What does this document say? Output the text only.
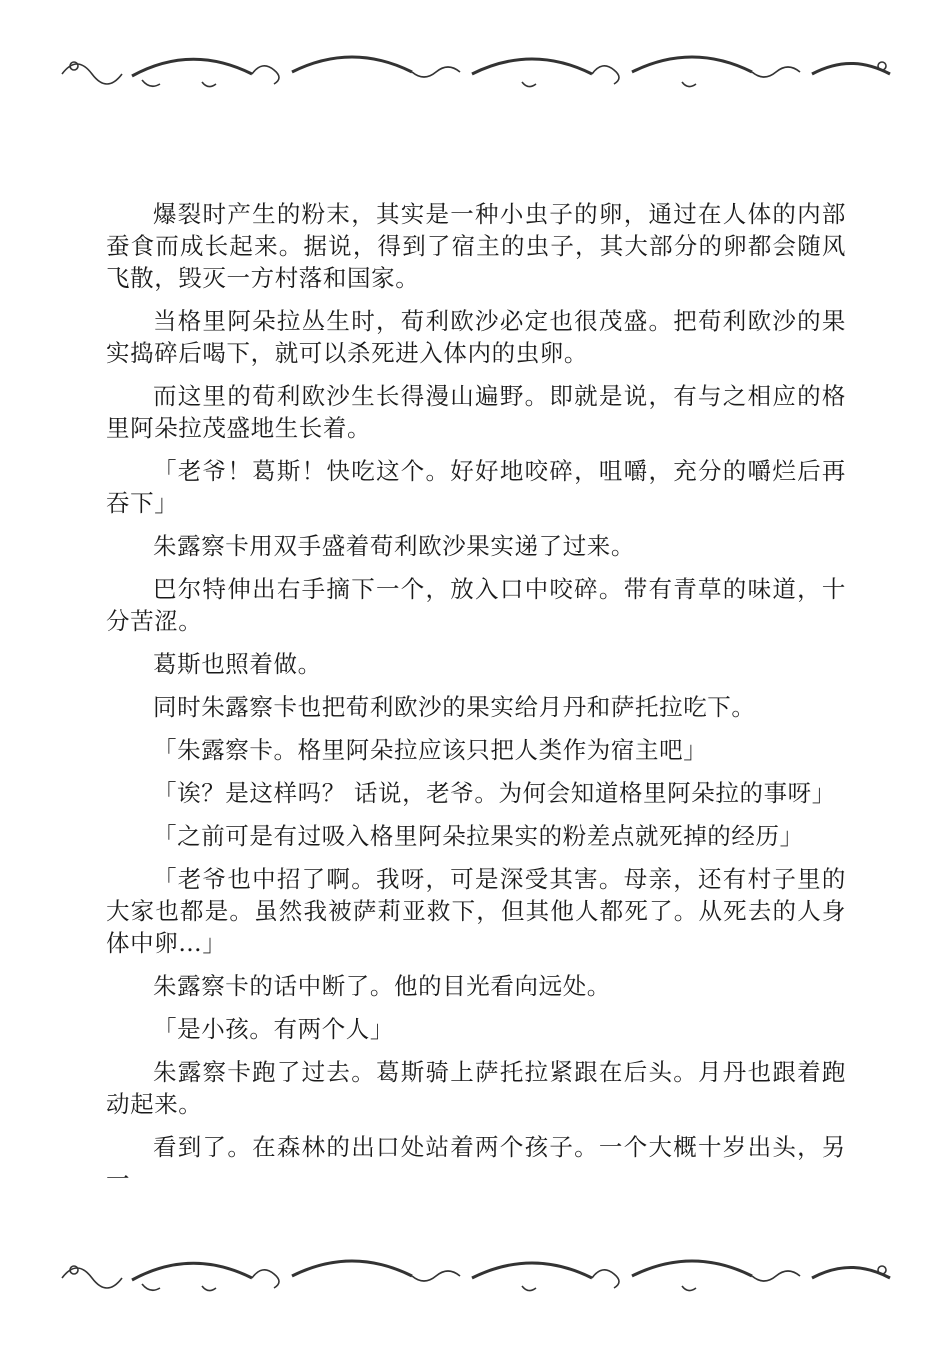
爆裂时产生的粉末，其实是一种小虫子的卵，通过在人体的内部蚕食而成长起来。据说，得到了宿主的虫子，其大部分的卵都会随风飞散，毁灭一方村落和国家。

当格里阿朵拉丛生时，荀利欧沙必定也很茂盛。把荀利欧沙的果实捣碎后喝下，就可以杀死进入体内的虫卵。

而这里的荀利欧沙生长得漫山遍野。即就是说，有与之相应的格里阿朵拉茂盛地生长着。

「老爷！葛斯！快吃这个。好好地咬碎，咀嚼，充分的嚼烂后再吞下」

朱露察卡用双手盛着荀利欧沙果实递了过来。

巴尔特伸出右手摘下一个，放入口中咬碎。带有青草的味道，十分苦涩。

葛斯也照着做。

同时朱露察卡也把荀利欧沙的果实给月丹和萨托拉吃下。

「朱露察卡。格里阿朵拉应该只把人类作为宿主吧」

「诶？是这样吗？ 话说，老爷。为何会知道格里阿朵拉的事呀」

「之前可是有过吸入格里阿朵拉果实的粉差点就死掉的经历」

「老爷也中招了啊。我呀，可是深受其害。母亲，还有村子里的大家也都是。虽然我被萨莉亚救下，但其他人都死了。从死去的人身体中卵…」

朱露察卡的话中断了。他的目光看向远处。

「是小孩。有两个人」

朱露察卡跑了过去。葛斯骑上萨托拉紧跟在后头。月丹也跟着跑动起来。

看到了。在森林的出口处站着两个孩子。一个大概十岁出头，另一
